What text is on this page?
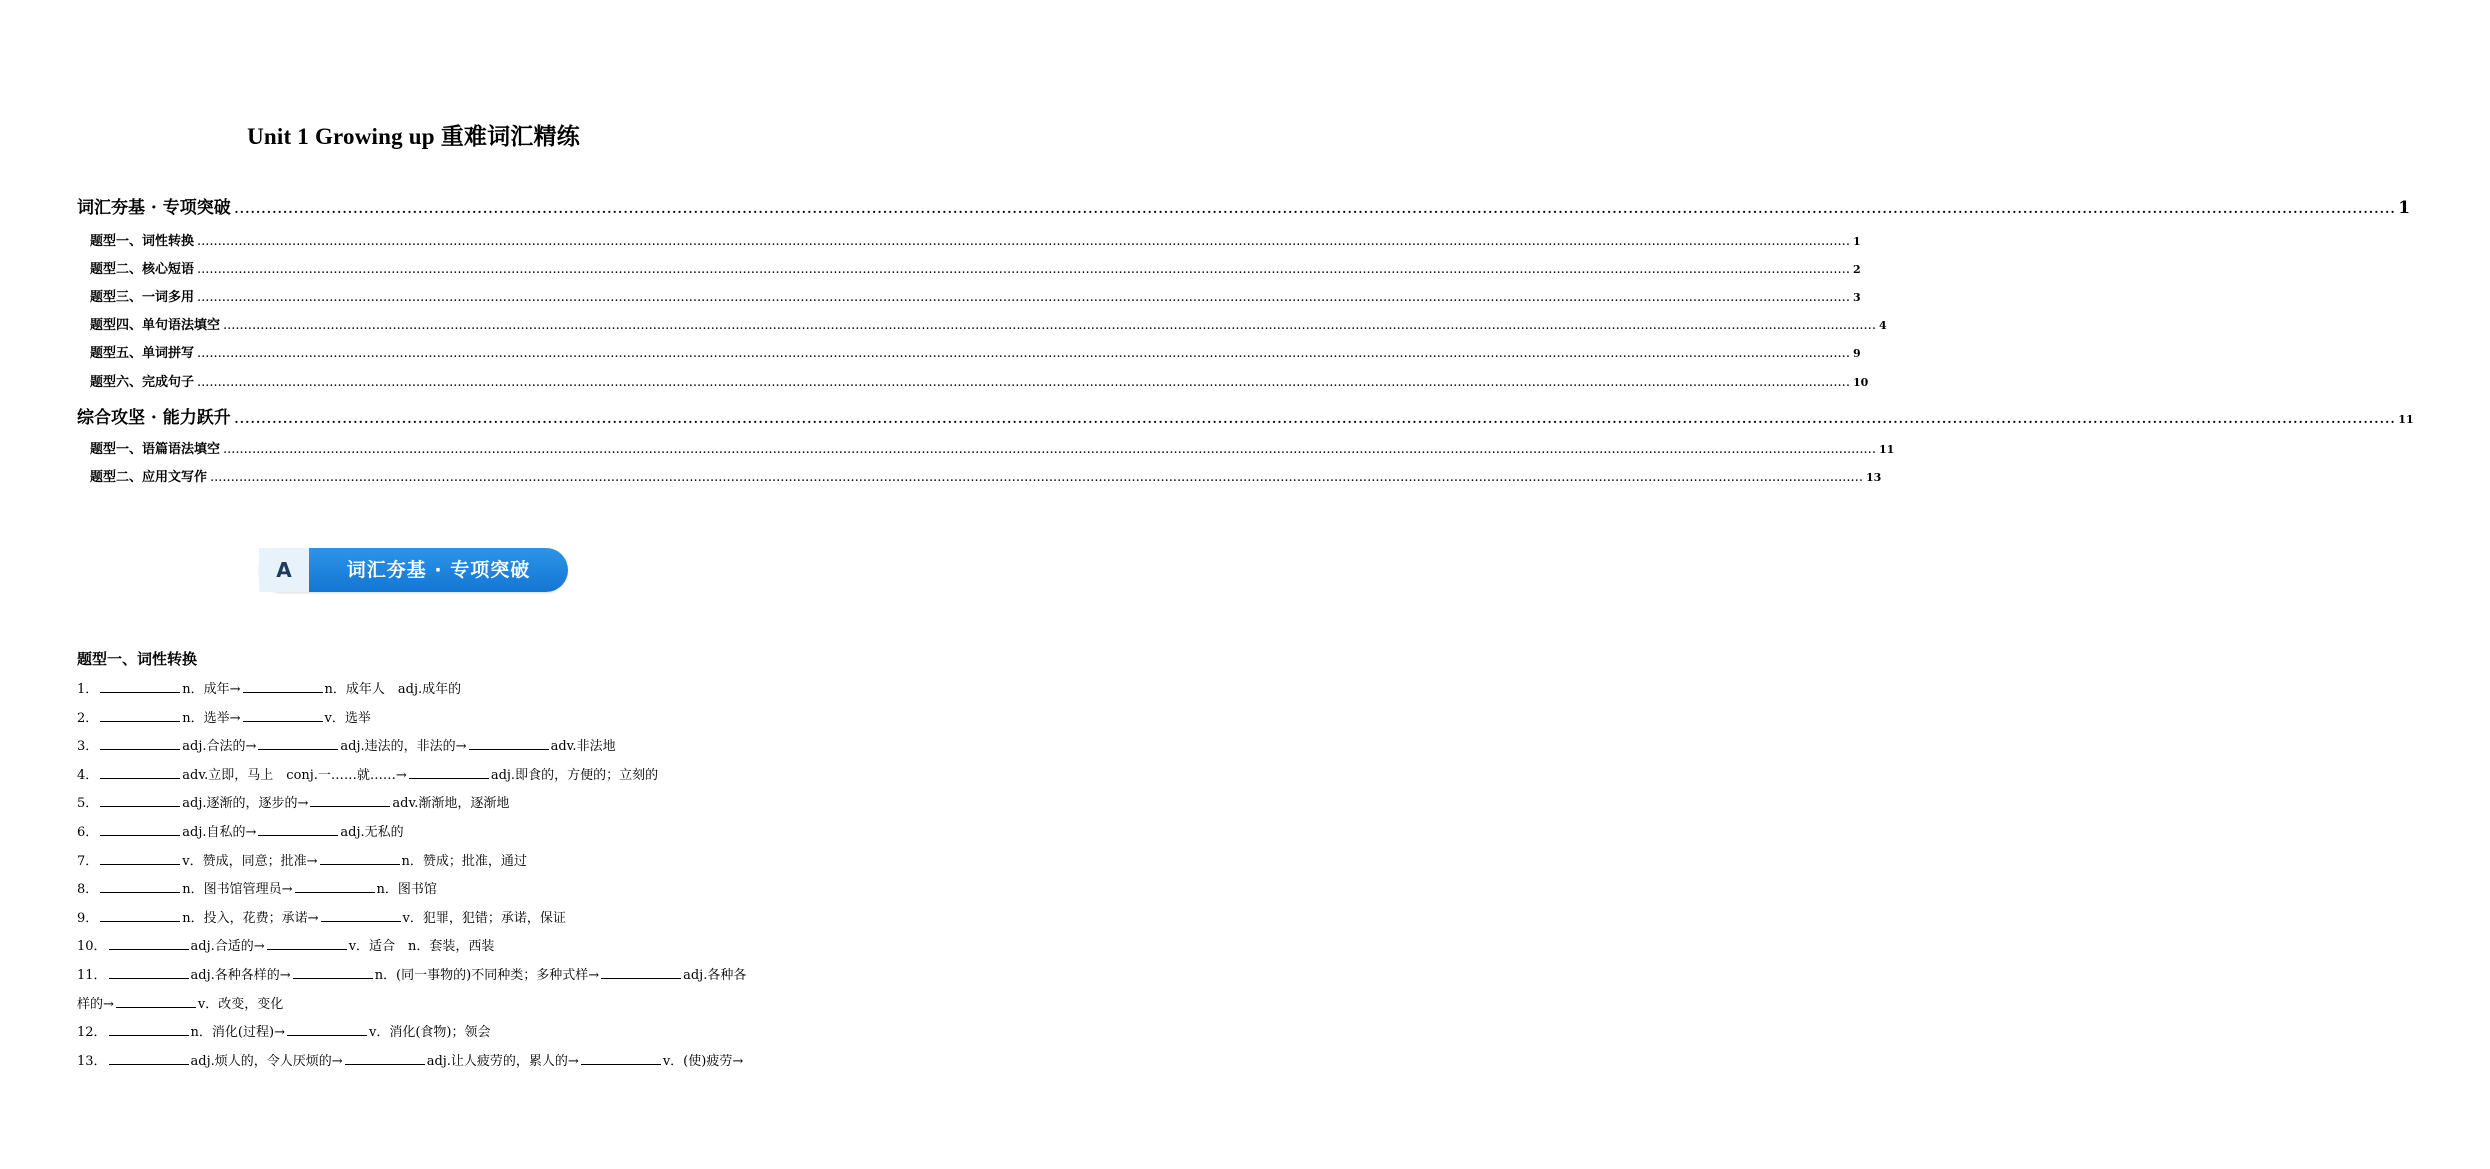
Unit 1 Growing up 重难词汇精练
词汇夯基 · 专项突破 ................................................................................................................................................................................................................................................................................................................................................................................................................ 1
题型一、词性转换 ................................................................................................................................................................................................................................................................................................................................................................................................................ 1
题型二、核心短语 ................................................................................................................................................................................................................................................................................................................................................................................................................ 2
题型三、一词多用 ................................................................................................................................................................................................................................................................................................................................................................................................................ 3
题型四、单句语法填空 ................................................................................................................................................................................................................................................................................................................................................................................................................ 4
题型五、单词拼写 ................................................................................................................................................................................................................................................................................................................................................................................................................ 9
题型六、完成句子 ................................................................................................................................................................................................................................................................................................................................................................................................................ 10
综合攻坚 · 能力跃升 ................................................................................................................................................................................................................................................................................................................................................................................................................ 11
题型一、语篇语法填空 ................................................................................................................................................................................................................................................................................................................................................................................................................ 11
题型二、应用文写作 ................................................................................................................................................................................................................................................................................................................................................................................................................ 13
A	词汇夯基 · 专项突破
题型一、词性转换
1．	n．成年→	n．成年人　adj.成年的
2．	n．选举→	v．选举
3．	adj.合法的→	adj.违法的，非法的→	adv.非法地
4．	adv.立即，马上　conj.一……就……→	adj.即食的，方便的；立刻的
5．	adj.逐渐的，逐步的→	adv.渐渐地，逐渐地
6．	adj.自私的→	adj.无私的
7．	v．赞成，同意；批准→	n．赞成；批准，通过
8．	n．图书馆管理员→	n．图书馆
9．	n．投入，花费；承诺→	v．犯罪，犯错；承诺，保证
10．	adj.合适的→	v．适合　n．套装，西装
11．	adj.各种各样的→	n．(同一事物的)不同种类；多种式样→	adj.各种各样的→	v．改变，变化
12．	n．消化(过程)→	v．消化(食物)；领会
13．	adj.烦人的，令人厌烦的→	adj.让人疲劳的，累人的→	v．(使)疲劳→
